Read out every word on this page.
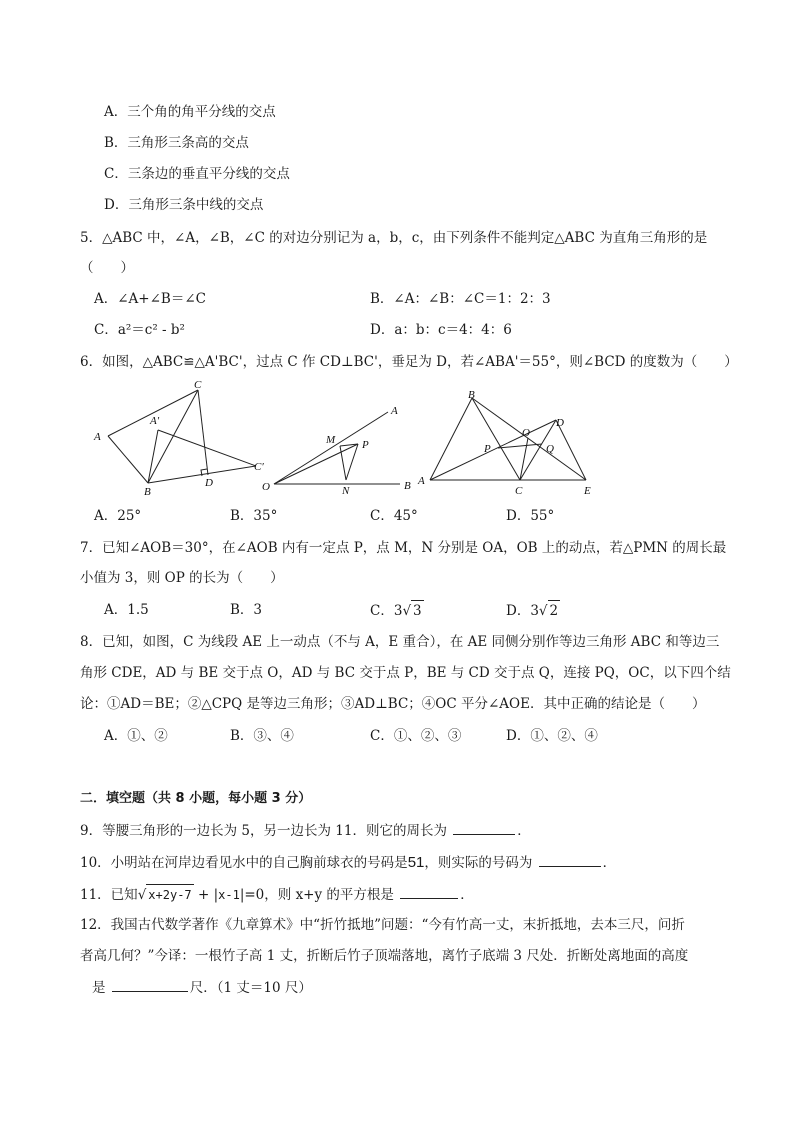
A．三个角的角平分线的交点
B．三角形三条高的交点
C．三条边的垂直平分线的交点
D．三角形三条中线的交点
5．△ABC 中，∠A，∠B，∠C 的对边分别记为 a，b，c，由下列条件不能判定△ABC 为直角三角形的是
（　　）
A．∠A+∠B＝∠C	B．∠A：∠B：∠C＝1：2：3
C．a²＝c² - b²	D．a：b：c＝4：4：6
6．如图，△ABC≌△A'BC'，过点 C 作 CD⊥BC'，垂足为 D，若∠ABA'＝55°，则∠BCD 的度数为（　　）
A
A′
C
B
D
C′
A
M P
O	N	B
B
D
O
P	Q
A
C	E
A．25°	B．35°	C．45°	D．55°
7．已知∠AOB＝30°，在∠AOB 内有一定点 P，点 M，N 分别是 OA，OB 上的动点，若△PMN 的周长最
小值为 3，则 OP 的长为（　　）
A．1.5	B．3	C．3√ 3	D．3√ 2
8．已知，如图，C 为线段 AE 上一动点（不与 A，E 重合），在 AE 同侧分别作等边三角形 ABC 和等边三
角形 CDE，AD 与 BE 交于点 O，AD 与 BC 交于点 P，BE 与 CD 交于点 Q，连接 PQ，OC，以下四个结
论：①AD＝BE；②△CPQ 是等边三角形；③AD⊥BC；④OC 平分∠AOE．其中正确的结论是（　　）
A．①、②	B．③、④	C．①、②、③	D．①、②、④
二．填空题（共 8 小题，每小题 3 分）
9．等腰三角形的一边长为 5，另一边长为 11．则它的周长为	．
10．小明站在河岸边看见水中的自己胸前球衣的号码是51，则实际的号码为	．
11．已知√ x+2y-7 + |x-1|=0，则 x+y 的平方根是	．
12．我国古代数学著作《九章算术》中“折竹抵地”问题：“今有竹高一丈，末折抵地，去本三尺，问折
者高几何？”今译：一根竹子高 1 丈，折断后竹子顶端落地，离竹子底端 3 尺处．折断处离地面的高度
是	尺．（1 丈＝10 尺）
